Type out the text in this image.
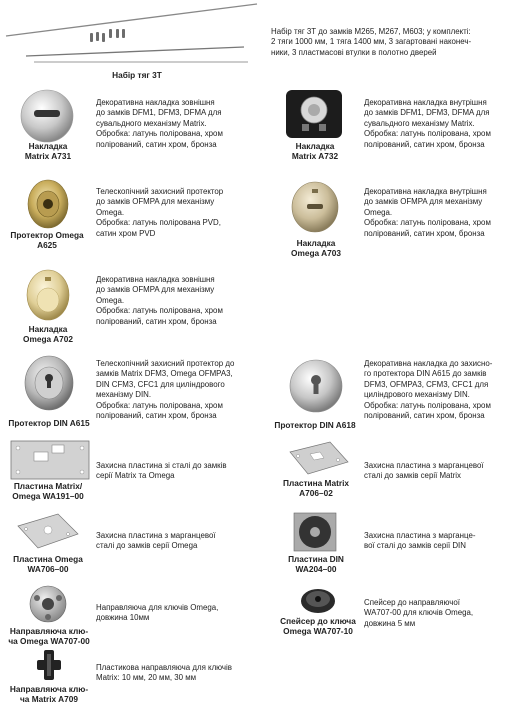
Набір тяг 3Т
Набір тяг 3Т до замків M265, M267, M603; у комплекті:
2 тяги 1000 мм, 1 тяга 1400 мм, 3 загартовані наконеч-
ники, 3 пластмасові втулки в полотно дверей
Накладка
Matrix A731
Декоративна накладка зовнішня
до замків DFM1, DFM3, DFMA для
сувальдного механізму Matrix.
Обробка: латунь полірована, хром
полірований, сатин хром, бронза	Накладка
Matrix A732
Декоративна накладка внутрішня
до замків DFM1, DFM3, DFMA для
сувальдного механізму Matrix.
Обробка: латунь полірована, хром
полірований, сатин хром, бронза
Протектор Omega
A625
Телескопічний захисний протектор
до замків OFMPA для механізму
Omega.
Обробка: латунь полірована PVD,
сатин хром PVD
Накладка
Omega A703
Декоративна накладка внутрішня
до замків OFMPA для механізму
Omega.
Обробка: латунь полірована, хром
полірований, сатин хром, бронза
Накладка
Omega A702
Декоративна накладка зовнішня
до замків OFMPA для механізму
Omega.
Обробка: латунь полірована, хром
полірований, сатин хром, бронза
Протектор DIN A615
Телескопічний захисний протектор до
замків Matrix DFM3, Omega OFMPA3,
DIN CFM3, CFC1 для циліндрового
механізму DIN.
Обробка: латунь полірована, хром
полірований, сатин хром, бронза
Протектор DIN A618
Декоративна накладка до захисно-
го протектора DIN A615 до замків
DFM3, OFMPA3, CFM3, CFC1 для
циліндрового механізму DIN.
Обробка: латунь полірована, хром
полірований, сатин хром, бронза
Пластина Matrix/
Omega WA191–00
Захисна пластина зі сталі до замків
серії Matrix та Omega
Пластина Matrix
A706–02
Захисна пластина з марганцевої
сталі до замків серії Matrix
Пластина Omega
WA706–00
Захисна пластина з марганцевої
сталі до замків серії Omega
Пластина DIN
WA204–00
Захисна пластина з марганце-
вої сталі до замків серії DIN
Направляюча клю-
ча Omega WA707-00
Направляюча для ключів Omega,
довжина 10мм	Спейсер до ключа
Omega WA707-10
Спейсер до направляючої
WA707-00 для ключів Omega,
довжина 5 мм
Направляюча клю-
ча Matrix A709
Пластикова направляюча для ключів
Matrix: 10 мм, 20 мм, 30 мм
